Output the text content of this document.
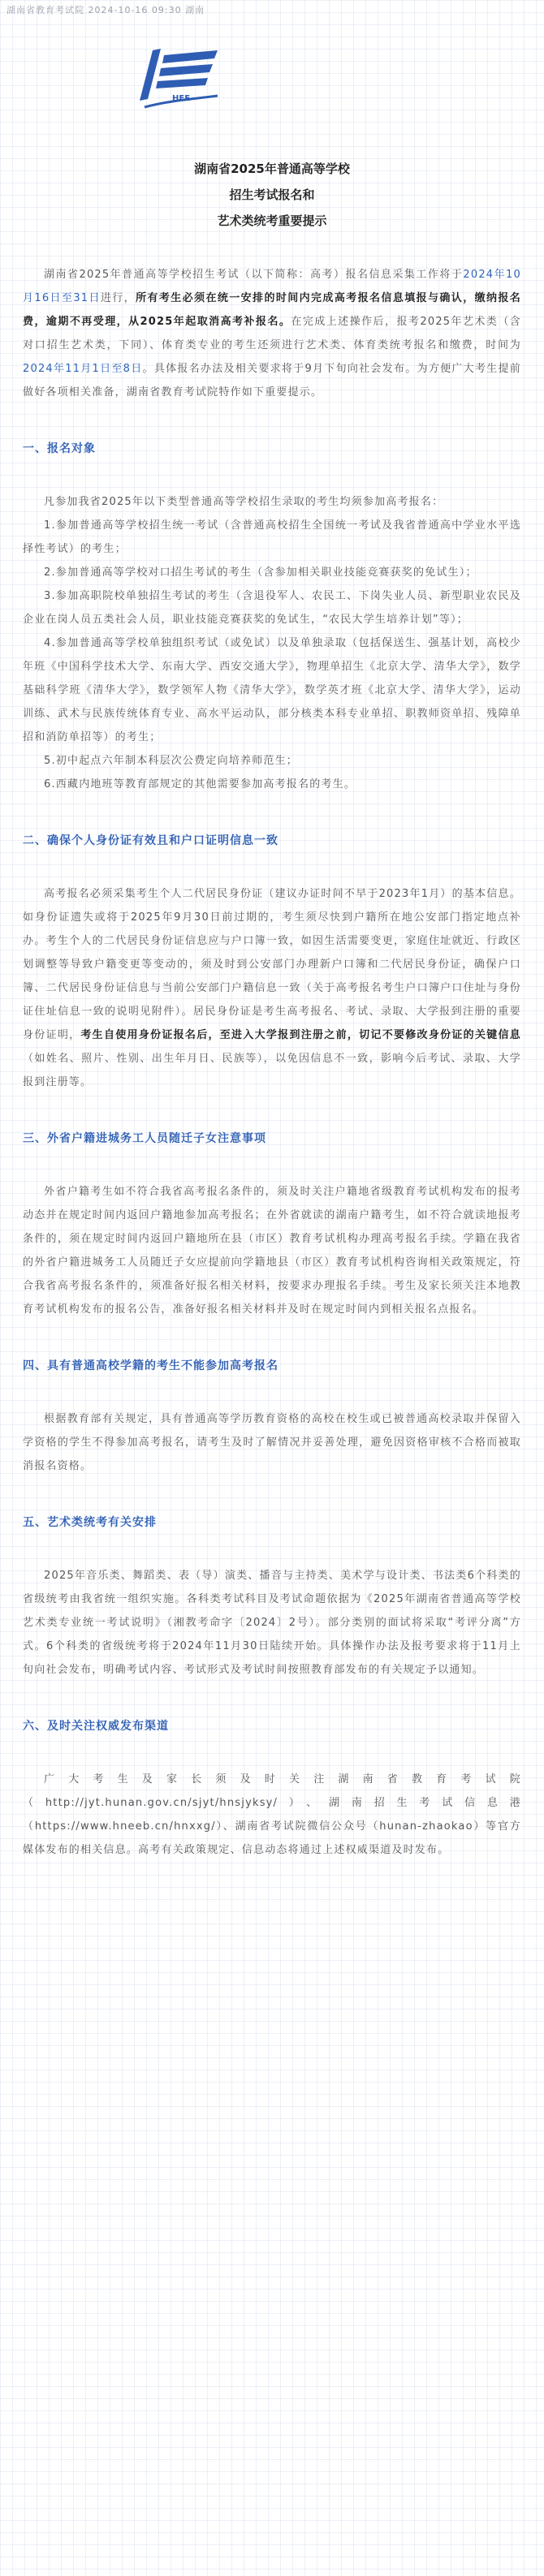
湖南省教育考试院 2024-10-16 09:30 湖南
HEE
湖南省2025年普通高等学校
招生考试报名和
艺术类统考重要提示

湖南省2025年普通高等学校招生考试（以下简称：高考）报名信息采集工作将于2024年10月16日至31日进行，所有考生必须在统一安排的时间内完成高考报名信息填报与确认，缴纳报名费，逾期不再受理，从2025年起取消高考补报名。在完成上述操作后，报考2025年艺术类（含对口招生艺术类，下同）、体育类专业的考生还须进行艺术类、体育类统考报名和缴费，时间为2024年11月1日至8日。具体报名办法及相关要求将于9月下旬向社会发布。为方便广大考生提前做好各项相关准备，湖南省教育考试院特作如下重要提示。

一、报名对象

凡参加我省2025年以下类型普通高等学校招生录取的考生均须参加高考报名：

1.参加普通高等学校招生统一考试（含普通高校招生全国统一考试及我省普通高中学业水平选择性考试）的考生；

2.参加普通高等学校对口招生考试的考生（含参加相关职业技能竞赛获奖的免试生）；

3.参加高职院校单独招生考试的考生（含退役军人、农民工、下岗失业人员、新型职业农民及企业在岗人员五类社会人员，职业技能竞赛获奖的免试生，“农民大学生培养计划”等）；

4.参加普通高等学校单独组织考试（或免试）以及单独录取（包括保送生、强基计划，高校少年班《中国科学技术大学、东南大学、西安交通大学》，物理单招生《北京大学、清华大学》，数学基础科学班《清华大学》，数学领军人物《清华大学》，数学英才班《北京大学、清华大学》，运动训练、武术与民族传统体育专业、高水平运动队，部分核类本科专业单招、职教师资单招、残障单招和消防单招等）的考生；

5.初中起点六年制本科层次公费定向培养师范生；

6.西藏内地班等教育部规定的其他需要参加高考报名的考生。

二、确保个人身份证有效且和户口证明信息一致

高考报名必须采集考生个人二代居民身份证（建议办证时间不早于2023年1月）的基本信息。如身份证遗失或将于2025年9月30日前过期的，考生须尽快到户籍所在地公安部门指定地点补办。考生个人的二代居民身份证信息应与户口簿一致，如因生活需要变更，家庭住址就近、行政区划调整等导致户籍变更等变动的，须及时到公安部门办理新户口簿和二代居民身份证，确保户口簿、二代居民身份证信息与当前公安部门户籍信息一致（关于高考报名考生户口簿户口住址与身份证住址信息一致的说明见附件）。居民身份证是考生高考报名、考试、录取、大学报到注册的重要身份证明，考生自使用身份证报名后，至进入大学报到注册之前，切记不要修改身份证的关键信息（如姓名、照片、性别、出生年月日、民族等），以免因信息不一致，影响今后考试、录取、大学报到注册等。

三、外省户籍进城务工人员随迁子女注意事项

外省户籍考生如不符合我省高考报名条件的，须及时关注户籍地省级教育考试机构发布的报考动态并在规定时间内返回户籍地参加高考报名；在外省就读的湖南户籍考生，如不符合就读地报考条件的，须在规定时间内返回户籍地所在县（市区）教育考试机构办理高考报名手续。学籍在我省的外省户籍进城务工人员随迁子女应提前向学籍地县（市区）教育考试机构咨询相关政策规定，符合我省高考报名条件的，须准备好报名相关材料，按要求办理报名手续。考生及家长须关注本地教育考试机构发布的报名公告，准备好报名相关材料并及时在规定时间内到相关报名点报名。

四、具有普通高校学籍的考生不能参加高考报名

根据教育部有关规定，具有普通高等学历教育资格的高校在校生或已被普通高校录取并保留入学资格的学生不得参加高考报名，请考生及时了解情况并妥善处理，避免因资格审核不合格而被取消报名资格。

五、艺术类统考有关安排

2025年音乐类、舞蹈类、表（导）演类、播音与主持类、美术学与设计类、书法类6个科类的省级统考由我省统一组织实施。各科类考试科目及考试命题依据为《2025年湖南省普通高等学校艺术类专业统一考试说明》（湘教考命字〔2024〕2号）。部分类别的面试将采取“考评分离”方式。6个科类的省级统考将于2024年11月30日陆续开始。具体操作办法及报考要求将于11月上旬向社会发布，明确考试内容、考试形式及考试时间按照教育部发布的有关规定予以通知。

六、及时关注权威发布渠道

广大考生及家长须及时关注湖南省教育考试院（http://jyt.hunan.gov.cn/sjyt/hnsjyksy/）、湖南招生考试信息港（https://www.hneeb.cn/hnxxg/）、湖南省考试院微信公众号（hunan-zhaokao）等官方媒体发布的相关信息。高考有关政策规定、信息动态将通过上述权威渠道及时发布。
